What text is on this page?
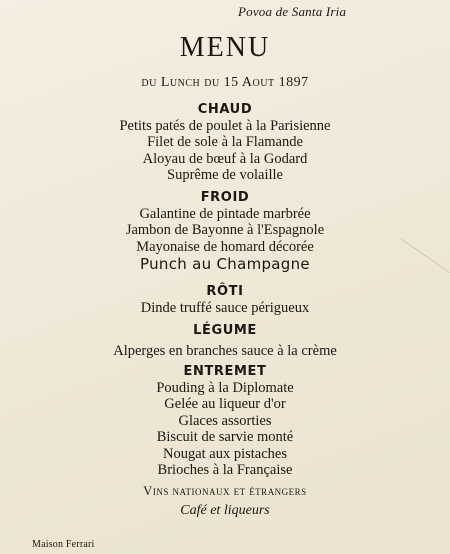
Povoa de Santa Iria
MENU
du Lunch du 15 Aout 1897
CHAUD
Petits patés de poulet à la Parisienne
Filet de sole à la Flamande
Aloyau de bœuf à la Godard
Suprême de volaille
FROID
Galantine de pintade marbrée
Jambon de Bayonne à l'Espagnole
Mayonaise de homard décorée
Punch au Champagne
RÔTI
Dinde truffé sauce périgueux
LÉGUME
Alperges en branches sauce à la crème
ENTREMET
Pouding à la Diplomate
Gelée au liqueur d'or
Glaces assorties
Biscuit de sarvie monté
Nougat aux pistaches
Brioches à la Française
Vins nationaux et étrangers
Café et liqueurs
Maison Ferrari
